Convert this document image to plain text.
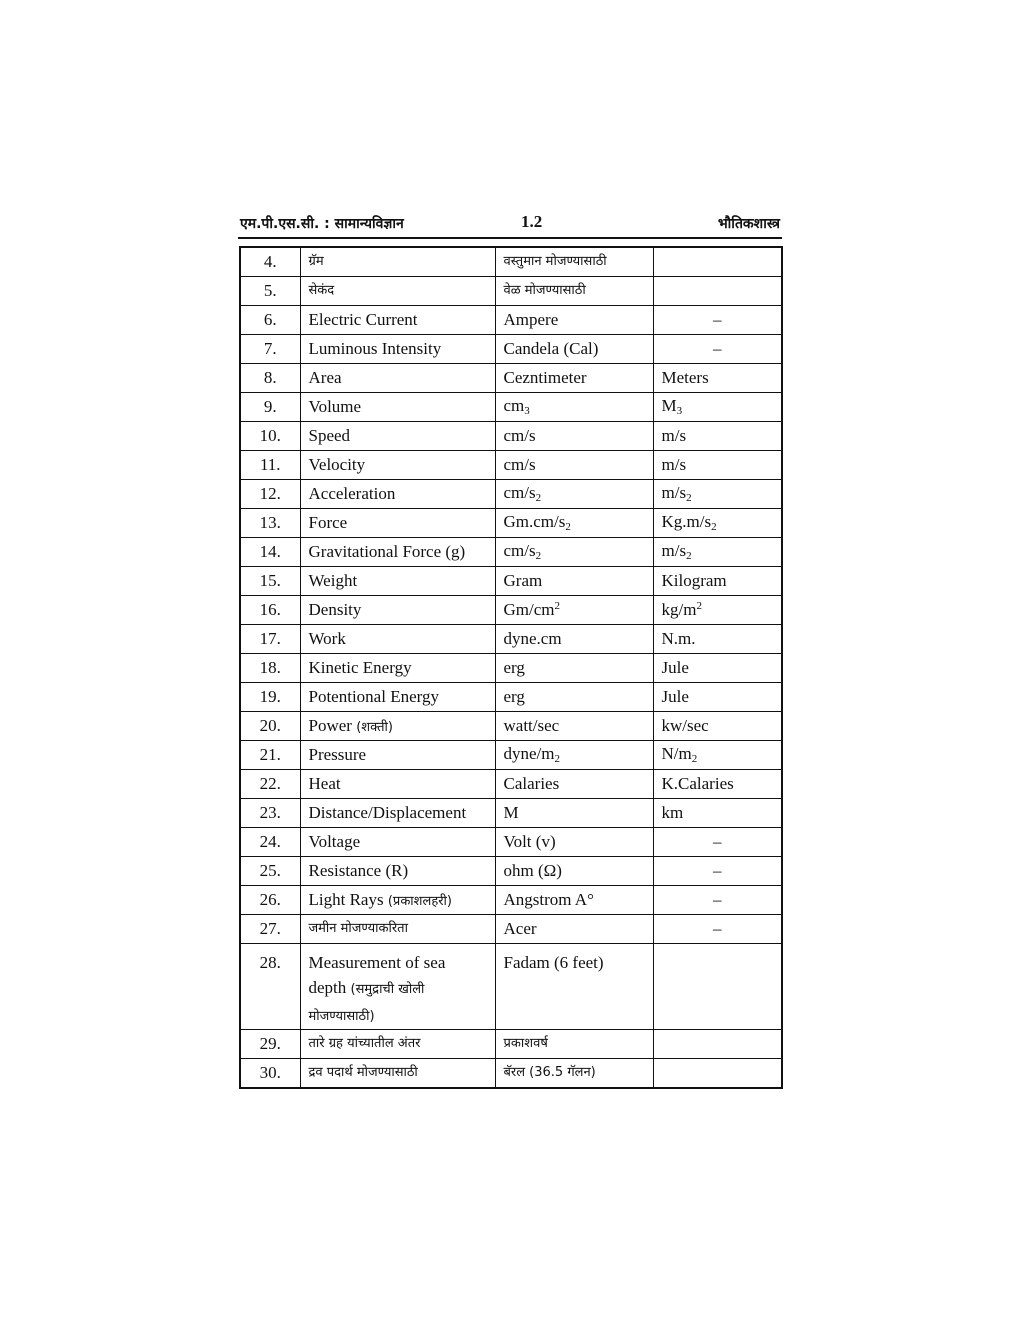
एम.पी.एस.सी. : सामान्यविज्ञान	1.2	भौतिकशास्त्र
4.	ग्रॅम	वस्तुमान मोजण्यासाठी	
5.	सेकंद	वेळ मोजण्यासाठी	
6.	Electric Current	Ampere	–
7.	Luminous Intensity	Candela (Cal)	–
8.	Area	Cezntimeter	Meters
9.	Volume	$cm_3$	$M_3$
10.	Speed	cm/s	m/s
11.	Velocity	cm/s	m/s
12.	Acceleration	$cm/s_2$	$m/s_2$
13.	Force	$Gm.cm/s_2$	$Kg.m/s_2$
14.	Gravitational Force (g)	$cm/s_2$	$m/s_2$
15.	Weight	Gram	Kilogram
16.	Density	$Gm/cm^2$	$kg/m^2$
17.	Work	dyne.cm	N.m.
18.	Kinetic Energy	erg	Jule
19.	Potentional Energy	erg	Jule
20.	Power (शक्ती)	watt/sec	kw/sec
21.	Pressure	dyne/$m_2$	$N/m_2$
22.	Heat	Calaries	K.Calaries
23.	Distance/Displacement	M	km
24.	Voltage	Volt (v)	–
25.	Resistance (R)	ohm (Ω)	–
26.	Light Rays (प्रकाशलहरी)	Angstrom A°	–
27.	जमीन मोजण्याकरिता	Acer	–
28.	Measurement of sea depth (समुद्राची खोली मोजण्यासाठी)	Fadam (6 feet)	
29.	तारे ग्रह यांच्यातील अंतर	प्रकाशवर्ष	
30.	द्रव पदार्थ मोजण्यासाठी	बॅरल (36.5 गॅलन)	
